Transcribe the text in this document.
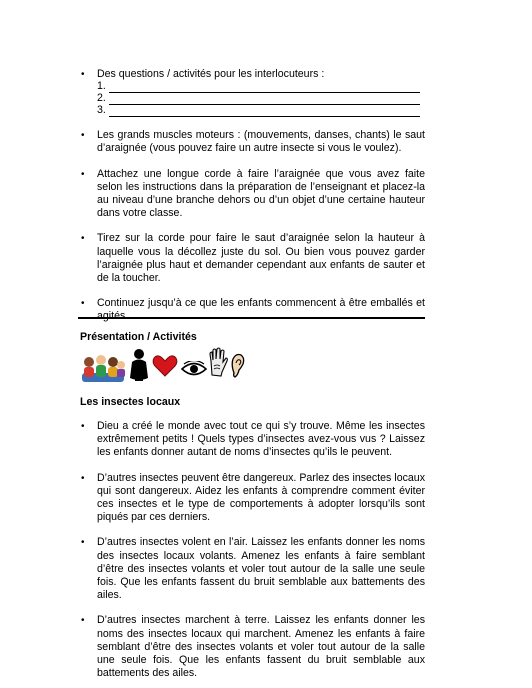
• Des questions / activités pour les interlocuteurs :
1.
2.
3.
• Les grands muscles moteurs : (mouvements, danses, chants) le saut d’araignée (vous pouvez faire un autre insecte si vous le voulez).
• Attachez une longue corde à faire l’araignée que vous avez faite selon les instructions dans la préparation de l’enseignant et placez-la au niveau d’une branche dehors ou d’un objet d’une certaine hauteur dans votre classe.
• Tirez sur la corde pour faire le saut d’araignée selon la hauteur à laquelle vous la décollez juste du sol. Ou bien vous pouvez garder l’araignée plus haut et demander cependant aux enfants de sauter et de la toucher.
• Continuez jusqu’à ce que les enfants commencent à être emballés et
Présentation / Activités
Les insectes locaux
• Dieu a créé le monde avec tout ce qui s’y trouve. Même les insectes extrêmement petits ! Quels types d’insectes avez-vous vus ? Laissez les enfants donner autant de noms d’insectes qu’ils le peuvent.
• D’autres insectes peuvent être dangereux. Parlez des insectes locaux qui sont dangereux. Aidez les enfants à comprendre comment éviter ces insectes et le type de comportements à adopter lorsqu’ils sont piqués par ces derniers.
• D’autres insectes volent en l’air. Laissez les enfants donner les noms des insectes locaux volants. Amenez les enfants à faire semblant d’être des insectes volants et voler tout autour de la salle une seule fois. Que les enfants fassent du bruit semblable aux battements des ailes.
• D’autres insectes marchent à terre. Laissez les enfants donner les noms des insectes locaux qui marchent. Amenez les enfants à faire semblant d’être des insectes volants et voler tout autour de la salle une seule fois. Que les enfants fassent du bruit semblable aux battements des ailes.
